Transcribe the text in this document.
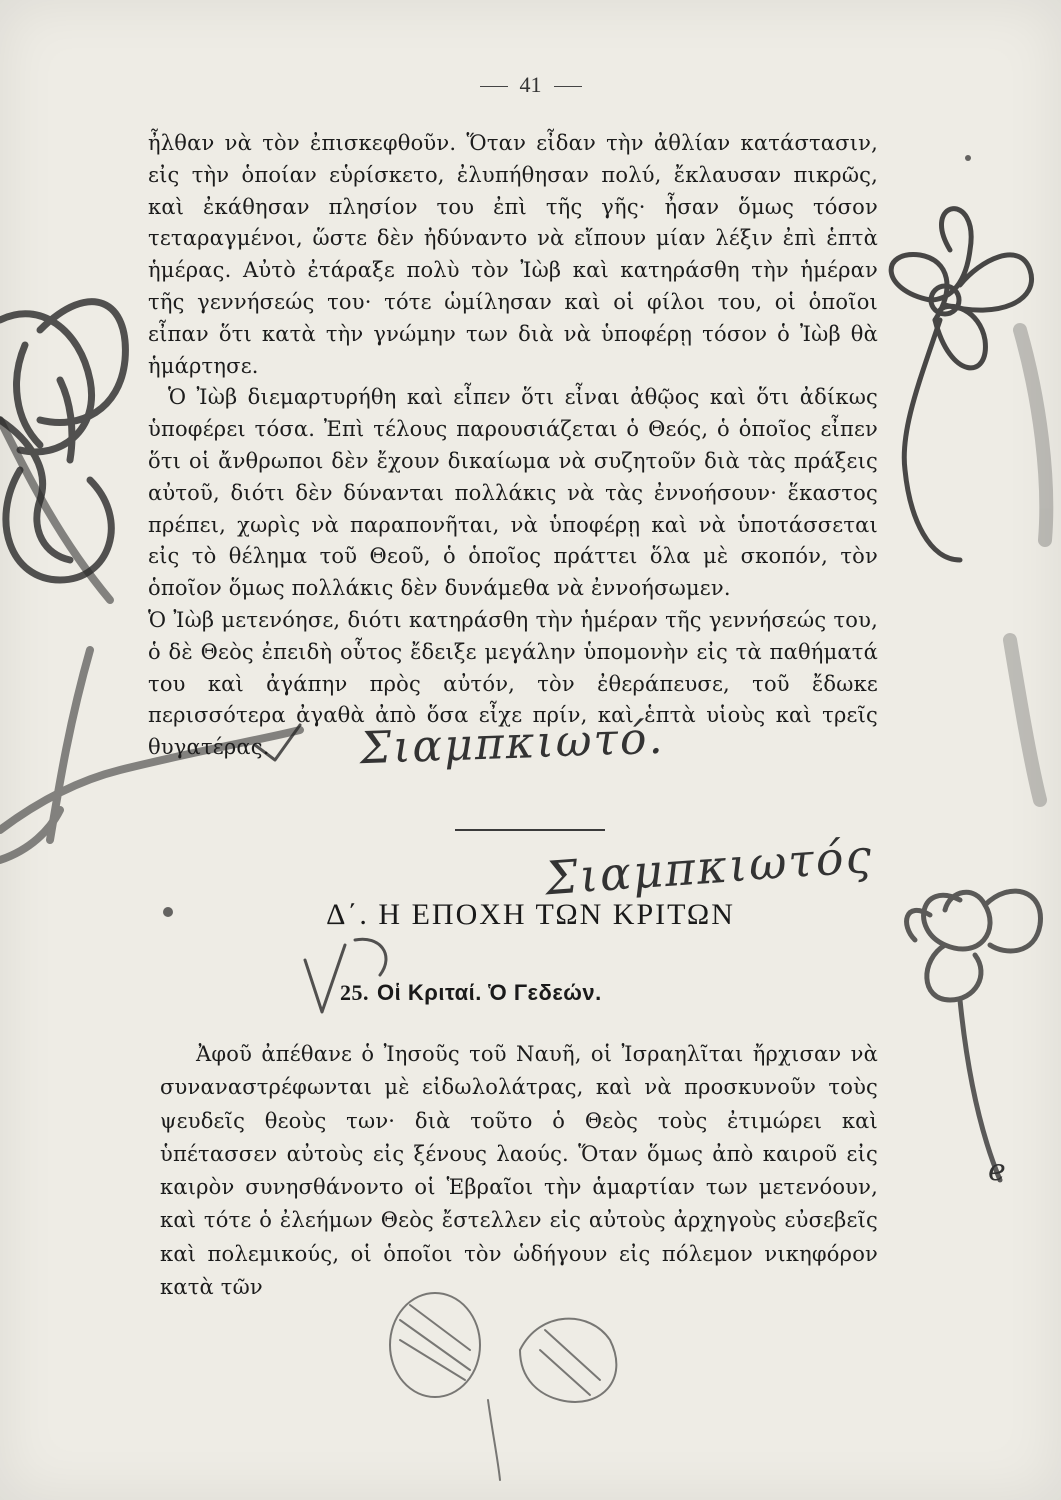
e
41

ἦλθαν νὰ τὸν ἐπισκεφθοῦν. Ὅταν εἶδαν τὴν ἀθλίαν κατάστασιν, εἰς τὴν ὁποίαν εὑρίσκετο, ἐλυπήθησαν πολύ, ἔκλαυσαν πικρῶς, καὶ ἐκάθησαν πλησίον του ἐπὶ τῆς γῆς· ἦσαν ὅμως τόσον τεταραγμένοι, ὥστε δὲν ἠδύναντο νὰ εἴπουν μίαν λέξιν ἐπὶ ἑπτὰ ἡμέρας. Αὐτὸ ἐτάραξε πολὺ τὸν Ἰὼβ καὶ κατηράσθη τὴν ἡμέραν τῆς γεννήσεώς του· τότε ὡμίλησαν καὶ οἱ φίλοι του, οἱ ὁποῖοι εἶπαν ὅτι κατὰ τὴν γνώμην των διὰ νὰ ὑποφέρῃ τόσον ὁ Ἰὼβ θὰ ἡμάρτησε.

Ὁ Ἰὼβ διεμαρτυρήθη καὶ εἶπεν ὅτι εἶναι ἀθῷος καὶ ὅτι ἀδίκως ὑποφέρει τόσα. Ἐπὶ τέλους παρουσιάζεται ὁ Θεός, ὁ ὁποῖος εἶπεν ὅτι οἱ ἄνθρωποι δὲν ἔχουν δικαίωμα νὰ συζητοῦν διὰ τὰς πράξεις αὐτοῦ, διότι δὲν δύνανται πολλάκις νὰ τὰς ἐννοήσουν· ἕκαστος πρέπει, χωρὶς νὰ παραπονῆται, νὰ ὑποφέρῃ καὶ νὰ ὑποτάσσεται εἰς τὸ θέλημα τοῦ Θεοῦ, ὁ ὁποῖος πράττει ὅλα μὲ σκοπόν, τὸν ὁποῖον ὅμως πολλάκις δὲν δυνάμεθα νὰ ἐννοήσωμεν.

Ὁ Ἰὼβ μετενόησε, διότι κατηράσθη τὴν ἡμέραν τῆς γεννήσεώς του, ὁ δὲ Θεὸς ἐπειδὴ οὗτος ἔδειξε μεγάλην ὑπομονὴν εἰς τὰ παθήματά του καὶ ἀγάπην πρὸς αὐτόν, τὸν ἐθεράπευσε, τοῦ ἔδωκε περισσότερα ἀγαθὰ ἀπὸ ὅσα εἶχε πρίν, καὶ ἑπτὰ υἱοὺς καὶ τρεῖς θυγατέρας.	Σιαμπκιωτό.
Σιαμπκιωτός
Δ΄. Η ΕΠΟΧΗ ΤΩΝ ΚΡΙΤΩΝ
25. Οἱ Κριταί. Ὁ Γεδεών.

Ἀφοῦ ἀπέθανε ὁ Ἰησοῦς τοῦ Ναυῆ, οἱ Ἰσραηλῖται ἤρχισαν νὰ συναναστρέφωνται μὲ εἰδωλολάτρας, καὶ νὰ προσκυνοῦν τοὺς ψευδεῖς θεοὺς των· διὰ τοῦτο ὁ Θεὸς τοὺς ἐτιμώρει καὶ ὑπέτασσεν αὐτοὺς εἰς ξένους λαούς. Ὅταν ὅμως ἀπὸ καιροῦ εἰς καιρὸν συνησθάνοντο οἱ Ἑβραῖοι τὴν ἁμαρτίαν των μετενόουν, καὶ τότε ὁ ἐλεήμων Θεὸς ἔστελλεν εἰς αὐτοὺς ἀρχηγοὺς εὐσεβεῖς καὶ πολεμικούς, οἱ ὁποῖοι τὸν ὡδήγουν εἰς πόλεμον νικηφόρον κατὰ τῶν
